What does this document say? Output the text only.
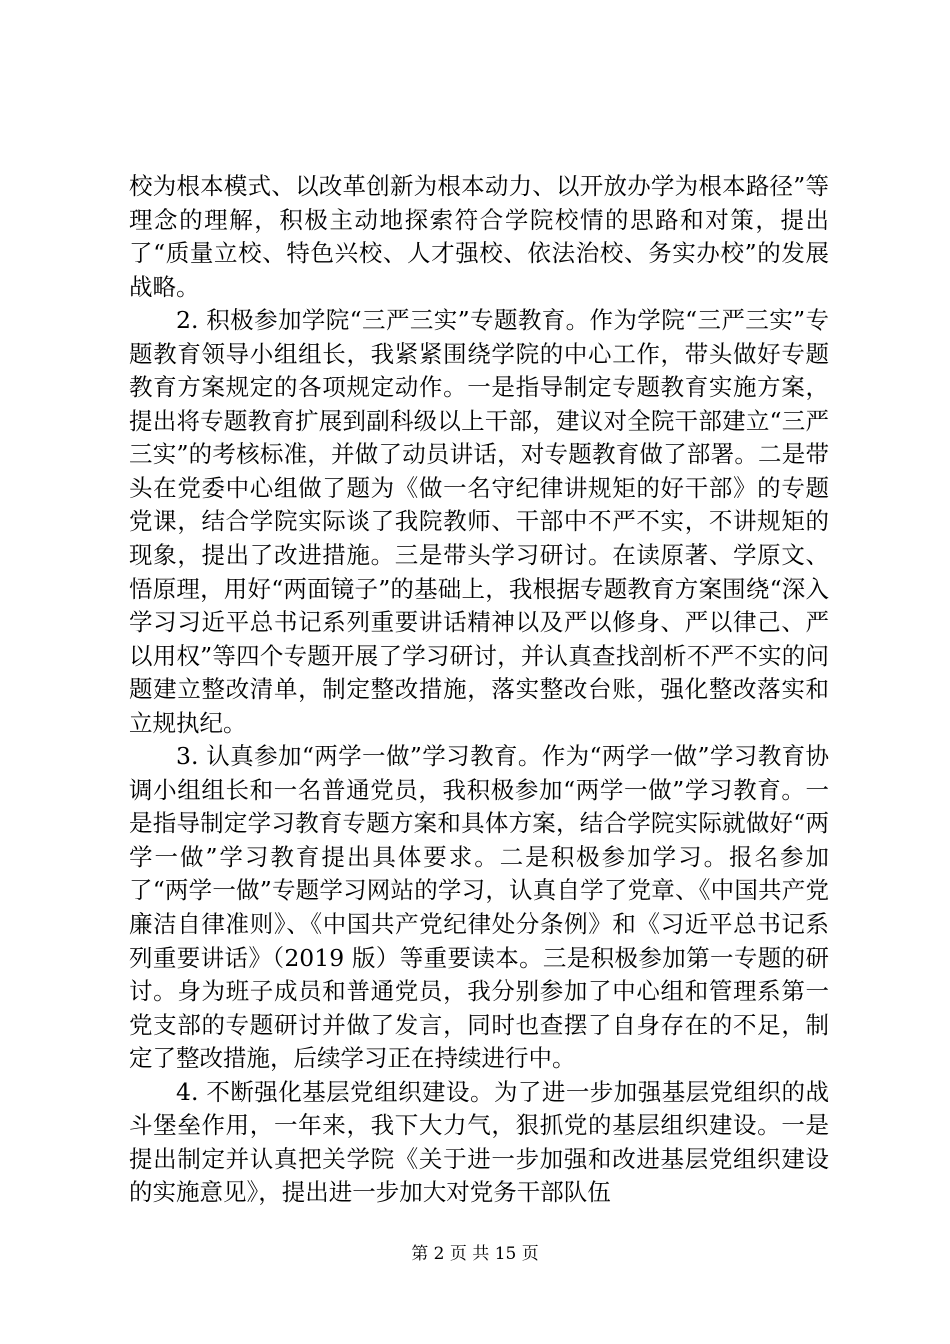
校为根本模式、以改革创新为根本动力、以开放办学为根本路径”等理念的理解，积极主动地探索符合学院校情的思路和对策，提出了“质量立校、特色兴校、人才强校、依法治校、务实办校”的发展战略。

2. 积极参加学院“三严三实”专题教育。作为学院“三严三实”专题教育领导小组组长，我紧紧围绕学院的中心工作，带头做好专题教育方案规定的各项规定动作。一是指导制定专题教育实施方案，提出将专题教育扩展到副科级以上干部，建议对全院干部建立“三严三实”的考核标准，并做了动员讲话，对专题教育做了部署。二是带头在党委中心组做了题为《做一名守纪律讲规矩的好干部》的专题党课，结合学院实际谈了我院教师、干部中不严不实，不讲规矩的现象，提出了改进措施。三是带头学习研讨。在读原著、学原文、悟原理，用好“两面镜子”的基础上，我根据专题教育方案围绕“深入学习习近平总书记系列重要讲话精神以及严以修身、严以律己、严以用权”等四个专题开展了学习研讨，并认真查找剖析不严不实的问题建立整改清单，制定整改措施，落实整改台账，强化整改落实和立规执纪。

3. 认真参加“两学一做”学习教育。作为“两学一做”学习教育协调小组组长和一名普通党员，我积极参加“两学一做”学习教育。一是指导制定学习教育专题方案和具体方案，结合学院实际就做好“两学一做”学习教育提出具体要求。二是积极参加学习。报名参加了“两学一做”专题学习网站的学习，认真自学了党章、《中国共产党廉洁自律准则》、《中国共产党纪律处分条例》和《习近平总书记系列重要讲话》（2019 版）等重要读本。三是积极参加第一专题的研讨。身为班子成员和普通党员，我分别参加了中心组和管理系第一党支部的专题研讨并做了发言，同时也查摆了自身存在的不足，制定了整改措施，后续学习正在持续进行中。

4. 不断强化基层党组织建设。为了进一步加强基层党组织的战斗堡垒作用，一年来，我下大力气，狠抓党的基层组织建设。一是提出制定并认真把关学院《关于进一步加强和改进基层党组织建设的实施意见》，提出进一步加大对党务干部队伍

第 2 页 共 15 页
